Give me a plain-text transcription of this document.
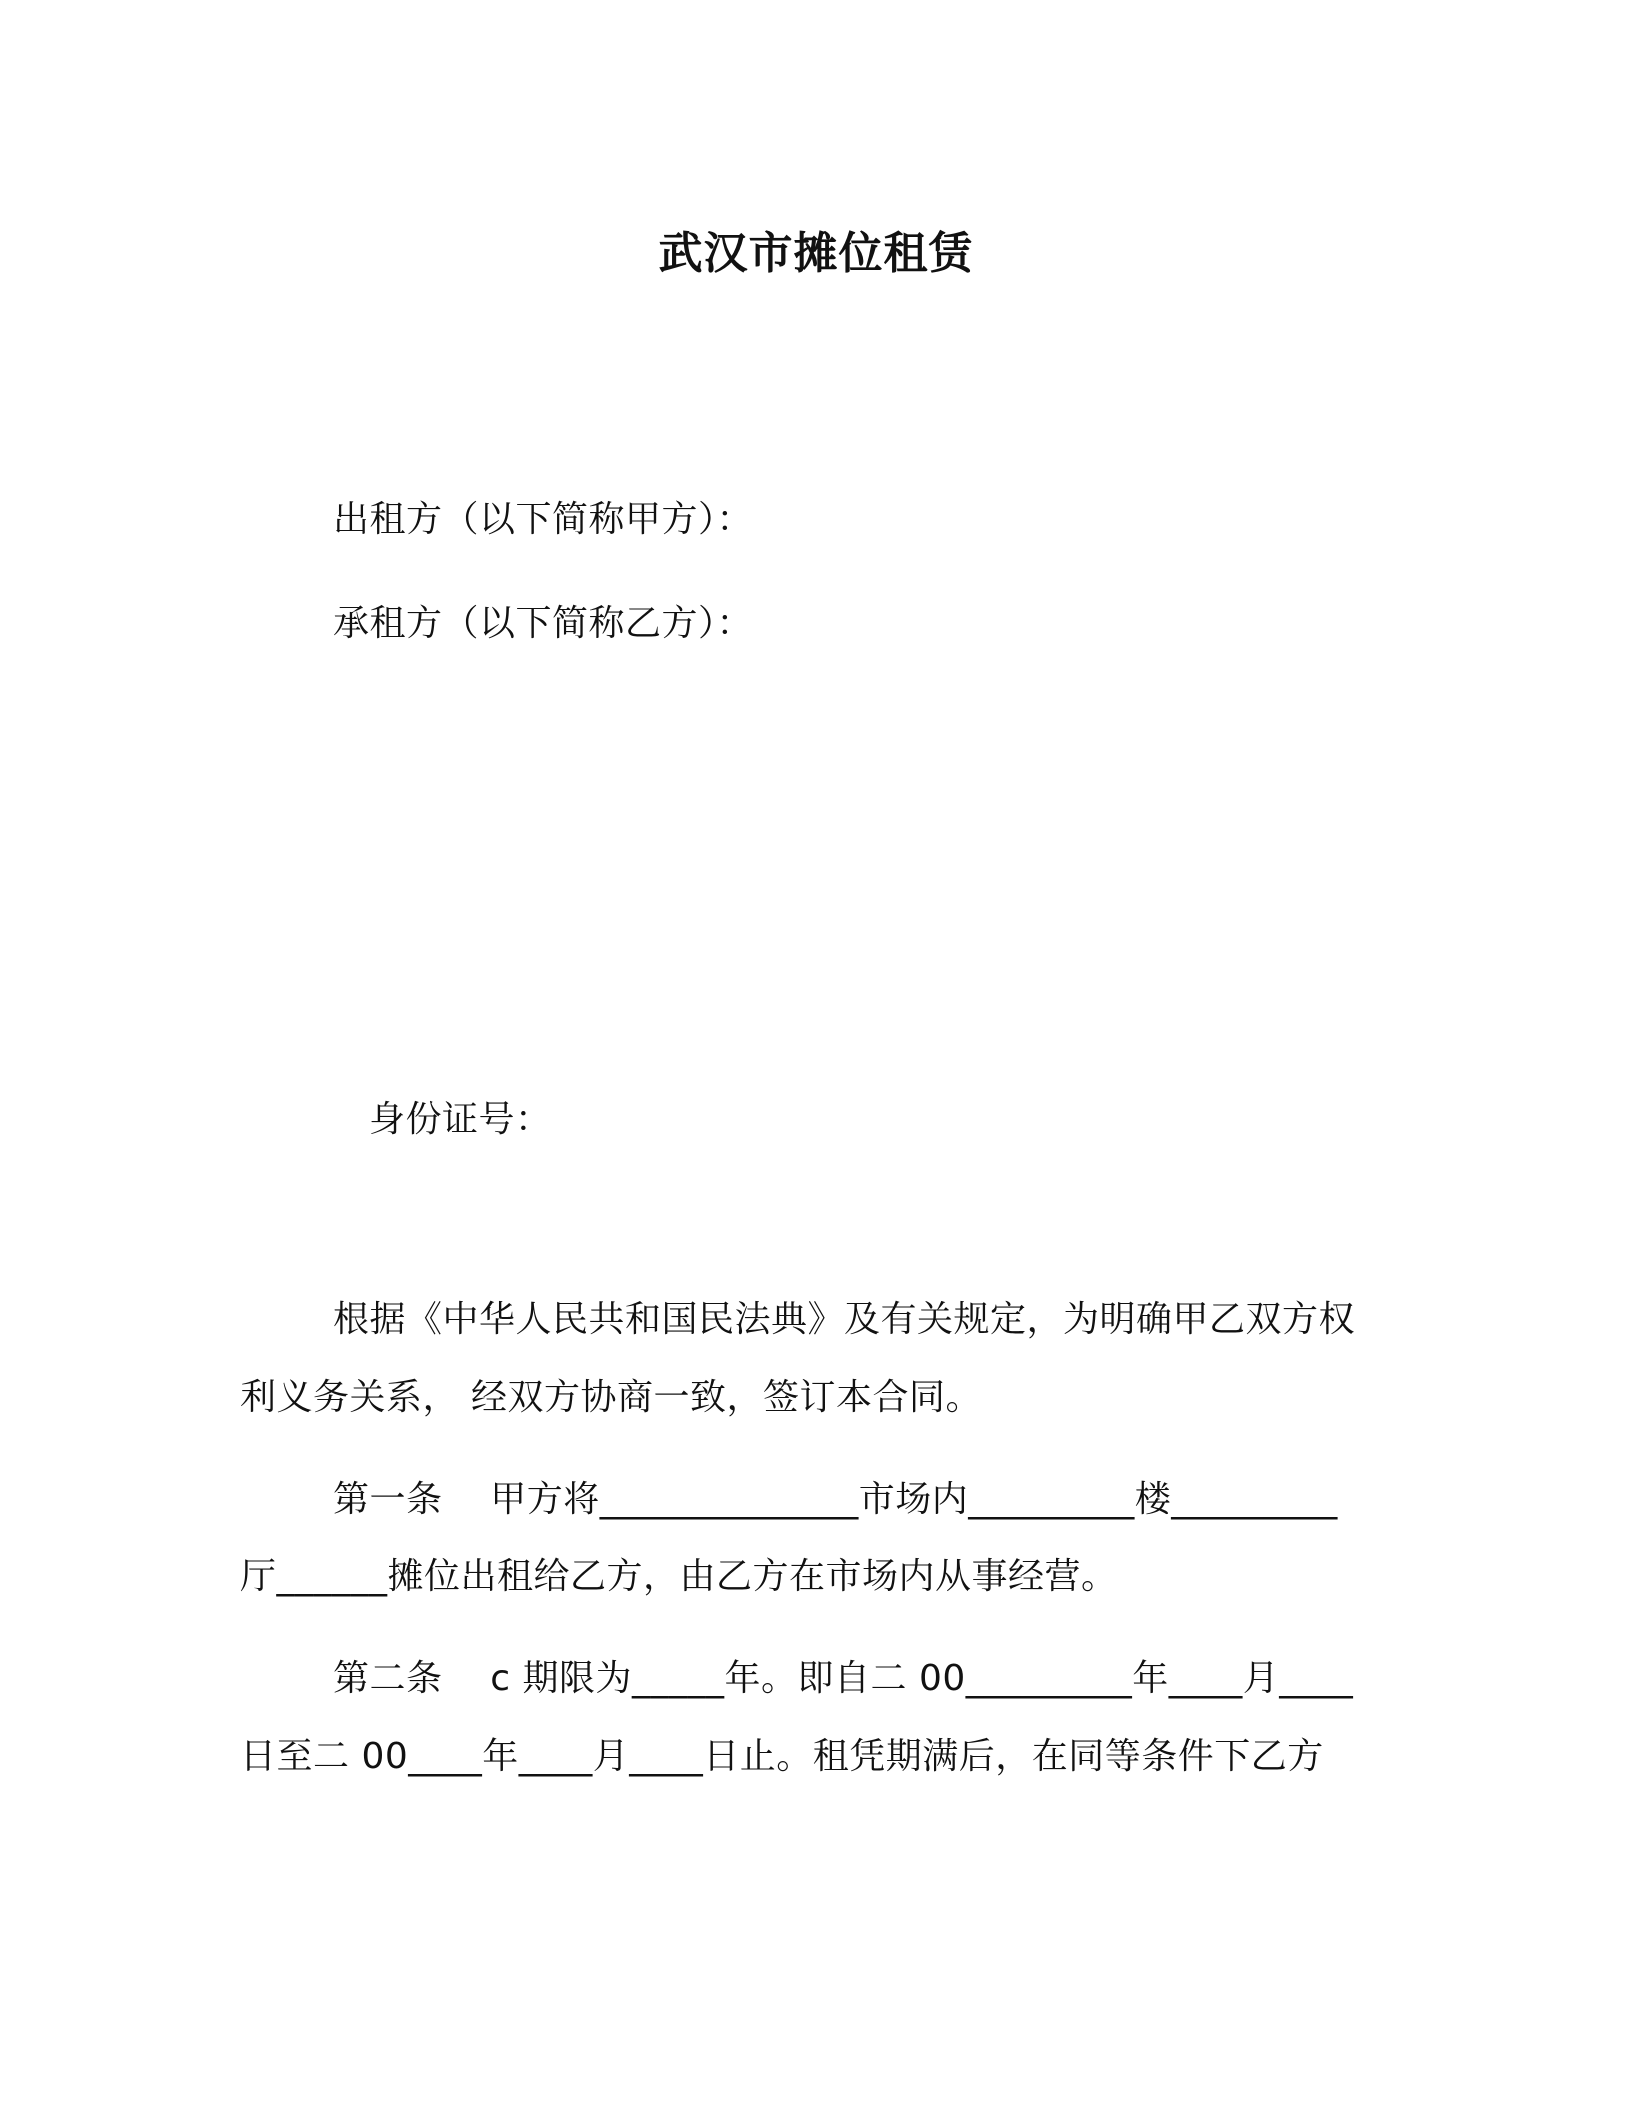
武汉市摊位租赁
出租方（以下简称甲方）：
承租方（以下简称乙方）：
身份证号：
根据《中华人民共和国民法典》及有关规定，为明确甲乙双方权
利义务关系， 经双方协商一致，签订本合同。
第一条    甲方将______________市场内_________楼_________
厅______摊位出租给乙方，由乙方在市场内从事经营。
第二条    c 期限为_____年。即自二 00_________年____月____
日至二 00____年____月____日止。租凭期满后，在同等条件下乙方
